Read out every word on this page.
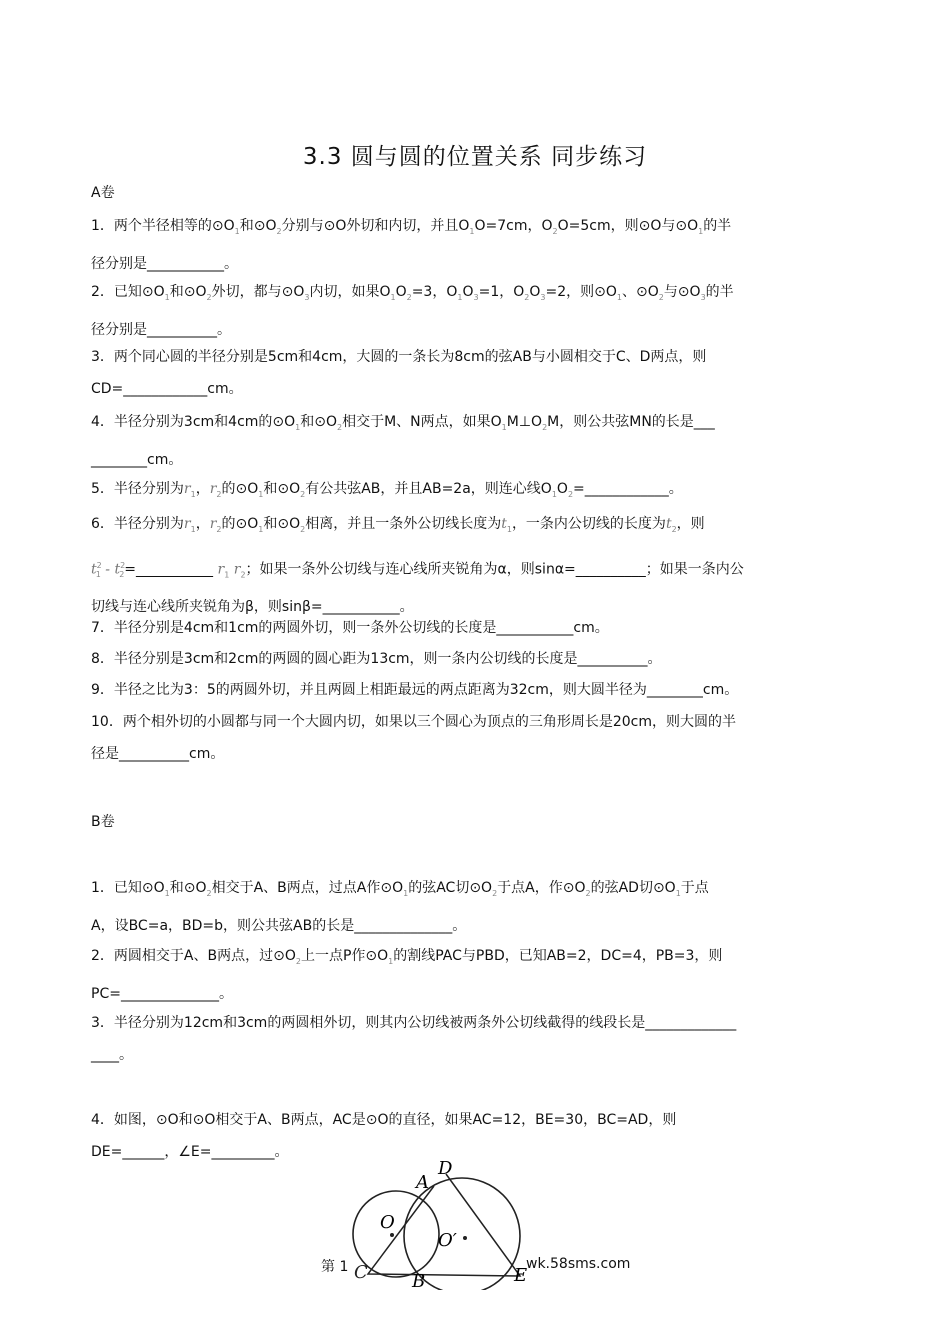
3.3 圆与圆的位置关系 同步练习
A卷
1．两个半径相等的$⊙O_1$和$⊙O_2$分别与⊙O外切和内切，并且$O_1O=7cm$，$O_2O=5cm$，则⊙O与$⊙O_1$的半
径分别是___________。
2．已知$⊙O_1$和$⊙O_2$外切，都与$⊙O_3$内切，如果$O_1O_2=3$，$O_1O_3=1$，$O_2O_3=2$，则$⊙O_1$、$⊙O_2$与$⊙O_3$的半
径分别是__________。
3．两个同心圆的半径分别是5cm和4cm，大圆的一条长为8cm的弦AB与小圆相交于C、D两点，则
CD=____________cm。
4．半径分别为3cm和4cm的$⊙O_1$和$⊙O_2$相交于M、N两点，如果$O_1M\perp O_2M$，则公共弦MN的长是___
________cm。
5．半径分别为$r_1$，$r_2$的$⊙O_1$和$⊙O_2$有公共弦AB，并且AB=2a，则连心线$O_1O_2=\_\_\_\_\_\_\_\_\_\_\_\_$。
6．半径分别为$r_1$，$r_2$的$⊙O_1$和$⊙O_2$相离，并且一条外公切线长度为$t_1$，一条内公切线的长度为$t_2$，则
$t^2_1$ - $t^2_2=\_\_\_\_\_\_\_\_\_\_\_$ $r_1$ $r_2$；如果一条外公切线与连心线所夹锐角为α，则sinα=__________；如果一条内公
切线与连心线所夹锐角为β，则sinβ=___________。
7．半径分别是4cm和1cm的两圆外切，则一条外公切线的长度是___________cm。
8．半径分别是3cm和2cm的两圆的圆心距为13cm，则一条内公切线的长度是__________。
9．半径之比为3：5的两圆外切，并且两圆上相距最远的两点距离为32cm，则大圆半径为________cm。
10．两个相外切的小圆都与同一个大圆内切，如果以三个圆心为顶点的三角形周长是20cm，则大圆的半
径是__________cm。
B卷
1．已知$⊙O_1$和$⊙O_2$相交于A、B两点，过点A作$⊙O_1$的弦AC切$⊙O_2$于点A，作$⊙O_2$的弦AD切$⊙O_1$于点
A，设BC=a，BD=b，则公共弦AB的长是______________。
2．两圆相交于A、B两点，过$⊙O_2$上一点P作$⊙O_1$的割线PAC与PBD，已知AB=2，DC=4，PB=3，则
PC=______________。
3．半径分别为12cm和3cm的两圆相外切，则其内公切线被两条外公切线截得的线段长是_____________
____。
4．如图，⊙O和⊙O相交于A、B两点，AC是⊙O的直径，如果AC=12，BE=30，BC=AD，则
DE=______，∠E=_________。
D
A
O
O′
C B	E
第 1	wk.58sms.com
